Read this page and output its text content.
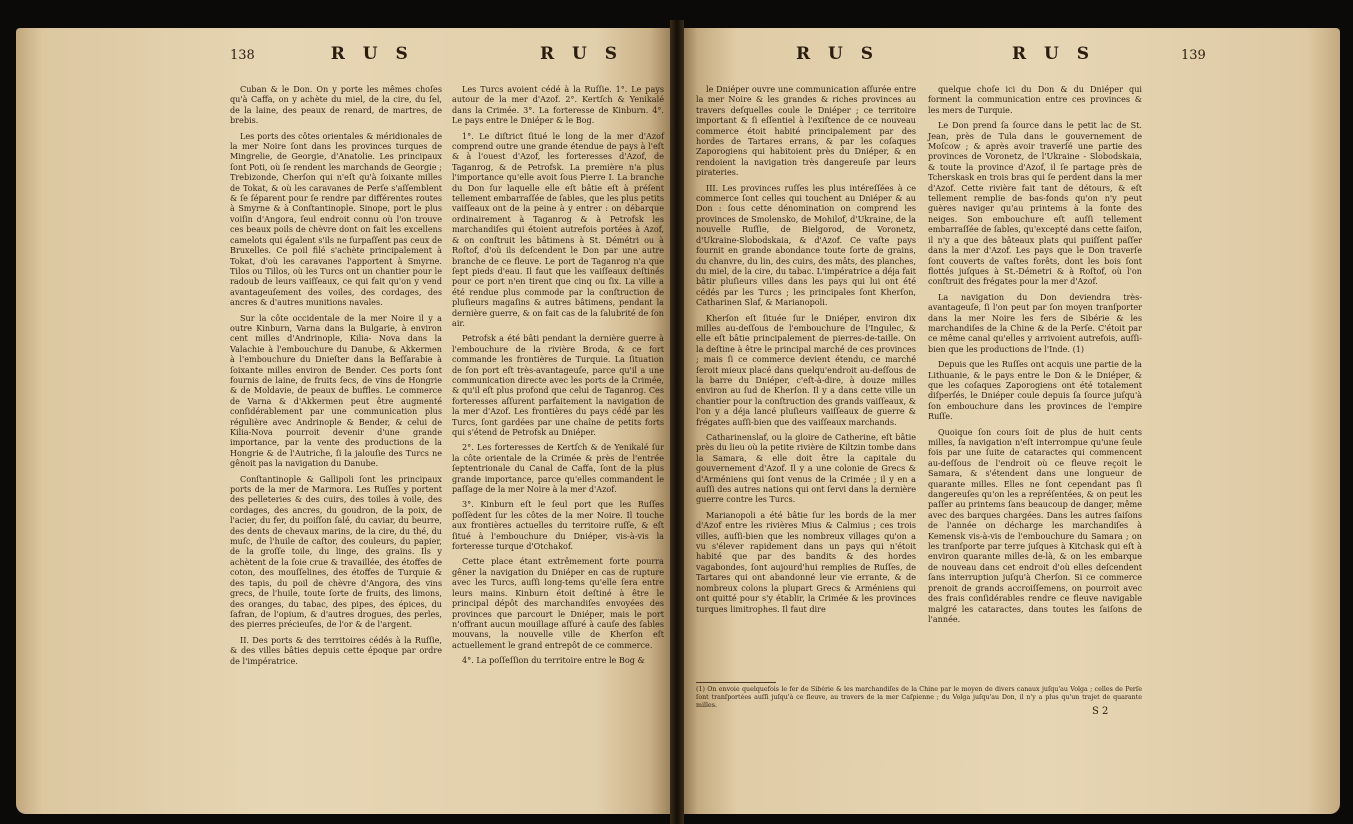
138	R U S	R U S

Cuban & le Don. On y porte les mêmes choſes qu'à Caffa, on y achète du miel, de la cire, du ſel, de la laine, des peaux de renard, de martres, de brebis.

Les ports des côtes orientales & méridionales de la mer Noire ſont dans les provinces turques de Mingrelie, de Georgie, d'Anatolie. Les principaux ſont Poti, où ſe rendent les marchands de Georgie ; Trebizonde, Cherſon qui n'eſt qu'à ſoixante milles de Tokat, & où les caravanes de Perſe s'aſſemblent & ſe ſéparent pour ſe rendre par différentes routes à Smyrne & à Conſtantinople. Sinope, port le plus voiſin d'Angora, ſeul endroit connu où l'on trouve ces beaux poils de chèvre dont on fait les excellens camelots qui égalent s'ils ne ſurpaſſent pas ceux de Bruxelles. Ce poil filé s'achète principalement à Tokat, d'où les caravanes l'apportent à Smyrne. Tilos ou Tillos, où les Turcs ont un chantier pour le radoub de leurs vaiſſeaux, ce qui fait qu'on y vend avantageuſement des voiles, des cordages, des ancres & d'autres munitions navales.

Sur la côte occidentale de la mer Noire il y a outre Kinburn, Varna dans la Bulgarie, à environ cent milles d'Andrinople, Kilia- Nova dans la Valachie à l'embouchure du Danube, & Akkermen à l'embouchure du Dnieſter dans la Beſſarabie à ſoixante milles environ de Bender. Ces ports ſont fournis de laine, de fruits ſecs, de vins de Hongrie & de Moldavie, de peaux de buffles. Le commerce de Varna & d'Akkermen peut être augmenté conſidérablement par une communication plus régulière avec Andrinople & Bender, & celui de Kilia-Nova pourroit devenir d'une grande importance, par la vente des productions de la Hongrie & de l'Autriche, ſi la jalouſie des Turcs ne gênoit pas la navigation du Danube.

Conſtantinople & Gallipoli ſont les principaux ports de la mer de Marmora. Les Ruſſes y portent des pelleteries & des cuirs, des toiles à voile, des cordages, des ancres, du goudron, de la poix, de l'acier, du fer, du poiſſon ſalé, du caviar, du beurre, des dents de chevaux marins, de la cire, du thé, du muſc, de l'huile de caſtor, des couleurs, du papier, de la groſſe toile, du linge, des grains. Ils y achètent de la ſoie crue & travaillée, des étoffes de coton, des mouſſelines, des étoffes de Turquie & des tapis, du poil de chèvre d'Angora, des vins grecs, de l'huile, toute ſorte de fruits, des limons, des oranges, du tabac, des pipes, des épices, du ſafran, de l'opium, & d'autres drogues, des perles, des pierres précieuſes, de l'or & de l'argent.

II. Des ports & des territoires cédés à la Ruſſie, & des villes bâties depuis cette époque par ordre de l'impératrice.

Les Turcs avoient cédé à la Ruſſie. 1°. Le pays autour de la mer d'Azof. 2°. Kertſch & Yenikalé dans la Crimée. 3°. La forteresse de Kinburn. 4°. Le pays entre le Dniéper & le Bog.

1°. Le diſtrict ſitué le long de la mer d'Azof comprend outre une grande étendue de pays à l'eſt & à l'ouest d'Azof, les forteresses d'Azof, de Taganrog, & de Petrofsk. La première n'a plus l'importance qu'elle avoit ſous Pierre I. La branche du Don ſur laquelle elle eſt bâtie eſt à préſent tellement embarraſſée de ſables, que les plus petits vaiſſeaux ont de la peine à y entrer : on débarque ordinairement à Taganrog & à Petrofsk les marchandiſes qui étoient autrefois portées à Azof, & on conſtruit les bâtimens à St. Démétri ou à Roſtof, d'où ils deſcendent le Don par une autre branche de ce fleuve. Le port de Taganrog n'a que ſept pieds d'eau. Il faut que les vaiſſeaux deſtinés pour ce port n'en tirent que cinq ou ſix. La ville a été rendue plus commode par la conſtruction de pluſieurs magaſins & autres bâtimens, pendant la dernière guerre, & on fait cas de la ſalubrité de ſon air.

Petrofsk a été bâti pendant la dernière guerre à l'embouchure de la rivière Broda, & ce fort commande les frontières de Turquie. La ſituation de ſon port eſt très-avantageuſe, parce qu'il a une communication directe avec les ports de la Crimée, & qu'il eſt plus profond que celui de Taganrog. Ces forteresses aſſurent parfaitement la navigation de la mer d'Azof. Les frontières du pays cédé par les Turcs, ſont gardées par une chaîne de petits forts qui s'étend de Petrofsk au Dniéper.

2°. Les forteresses de Kertſch & de Yenikalé ſur la côte orientale de la Crimée & près de l'entrée ſeptentrionale du Canal de Caffa, ſont de la plus grande importance, parce qu'elles commandent le paſſage de la mer Noire à la mer d'Azof.

3°. Kinburn eſt le ſeul port que les Ruſſes poſſèdent ſur les côtes de la mer Noire. Il touche aux frontières actuelles du territoire ruſſe, & eſt ſitué à l'embouchure du Dniéper, vis-à-vis la forteresse turque d'Otchakof.

Cette place étant extrêmement forte pourra gêner la navigation du Dniéper en cas de rupture avec les Turcs, auſſi long-tems qu'elle ſera entre leurs mains. Kinburn étoit deſtiné à être le principal dépôt des marchandiſes envoyées des provinces que parcourt le Dniéper, mais le port n'offrant aucun mouillage aſſuré à cauſe des ſables mouvans, la nouvelle ville de Kherſon eſt actuellement le grand entrepôt de ce commerce.

4°. La poſſeſſion du territoire entre le Bog &

R U S	R U S	139

le Dniéper ouvre une communication aſſurée entre la mer Noire & les grandes & riches provinces au travers deſquelles coule le Dniéper ; ce territoire important & ſi eſſentiel à l'exiſtence de ce nouveau commerce étoit habité principalement par des hordes de Tartares errans, & par les coſaques Zaporogiens qui habitoient près du Dniéper, & en rendoient la navigation très dangereuſe par leurs pirateries.

III. Les provinces ruſſes les plus intéreſſées à ce commerce ſont celles qui touchent au Dniéper & au Don : ſous cette dénomination on comprend les provinces de Smolensko, de Mohilof, d'Ukraine, de la nouvelle Ruſſie, de Bielgorod, de Voronetz, d'Ukraine-Slobodskaia, & d'Azof. Ce vaſte pays fournit en grande abondance toute ſorte de grains, du chanvre, du lin, des cuirs, des mâts, des planches, du miel, de la cire, du tabac. L'impératrice a déja fait bâtir pluſieurs villes dans les pays qui lui ont été cédés par les Turcs ; les principales ſont Kherſon, Catharinen Slaf, & Marianopoli.

Kherſon eſt ſituée ſur le Dniéper, environ dix milles au-deſſous de l'embouchure de l'Ingulec, & elle eſt bâtie principalement de pierres-de-taille. On la deſtine à être le principal marché de ces provinces ; mais ſi ce commerce devient étendu, ce marché ſeroit mieux placé dans quelqu'endroit au-deſſous de la barre du Dniéper, c'eſt-à-dire, à douze milles environ au ſud de Kherſon. Il y a dans cette ville un chantier pour la conſtruction des grands vaiſſeaux, & l'on y a déja lancé pluſieurs vaiſſeaux de guerre & frégates auſſi-bien que des vaiſſeaux marchands.

Catharinenslaf, ou la gloire de Catherine, eſt bâtie près du lieu où la petite rivière de Kiltzin tombe dans la Samara, & elle doit être la capitale du gouvernement d'Azof. Il y a une colonie de Grecs & d'Arméniens qui ſont venus de la Crimée ; il y en a auſſi des autres nations qui ont ſervi dans la dernière guerre contre les Turcs.

Marianopoli a été bâtie ſur les bords de la mer d'Azof entre les rivières Mius & Calmius ; ces trois villes, auſſi-bien que les nombreux villages qu'on a vu s'élever rapidement dans un pays qui n'étoit habité que par des bandits & des hordes vagabondes, ſont aujourd'hui remplies de Ruſſes, de Tartares qui ont abandonné leur vie errante, & de nombreux colons la plupart Grecs & Arméniens qui ont quitté pour s'y établir, la Crimée & les provinces turques limitrophes. Il faut dire

quelque choſe ici du Don & du Dniéper qui forment la communication entre ces provinces & les mers de Turquie.

Le Don prend ſa ſource dans le petit lac de St. Jean, près de Tula dans le gouvernement de Moſcow ; & après avoir traverſé une partie des provinces de Voronetz, de l'Ukraine - Slobodskaia, & toute la province d'Azof, il ſe partage près de Tcherskask en trois bras qui ſe perdent dans la mer d'Azof. Cette rivière fait tant de détours, & eſt tellement remplie de bas-fonds qu'on n'y peut guères naviger qu'au printems à la fonte des neiges. Son embouchure eſt auſſi tellement embarraſſée de ſables, qu'excepté dans cette ſaiſon, il n'y a que des bâteaux plats qui puiſſent paſſer dans la mer d'Azof. Les pays que le Don traverſe ſont couverts de vaſtes forêts, dont les bois ſont flottés juſques à St.-Démetri & à Roſtof, où l'on conſtruit des frégates pour la mer d'Azof.

La navigation du Don deviendra très-avantageuſe, ſi l'on peut par ſon moyen tranſporter dans la mer Noire les fers de Sibérie & les marchandiſes de la Chine & de la Perſe. C'étoit par ce même canal qu'elles y arrivoient autrefois, auſſi-bien que les productions de l'Inde. (1)

Depuis que les Ruſſes ont acquis une partie de la Lithuanie, & le pays entre le Don & le Dniéper, & que les coſaques Zaporogiens ont été totalement diſperſés, le Dniéper coule depuis ſa ſource juſqu'à ſon embouchure dans les provinces de l'empire Ruſſe.

Quoique ſon cours ſoit de plus de huit cents milles, ſa navigation n'eſt interrompue qu'une ſeule fois par une ſuite de cataractes qui commencent au-deſſous de l'endroit où ce fleuve reçoit le Samara, & s'étendent dans une longueur de quarante milles. Elles ne ſont cependant pas ſi dangereuſes qu'on les a repréſentées, & on peut les paſſer au printems ſans beaucoup de danger, même avec des barques chargées. Dans les autres ſaiſons de l'année on décharge les marchandiſes à Kemensk vis-à-vis de l'embouchure du Samara ; on les tranſporte par terre juſques à Kitchask qui eſt à environ quarante milles de-là, & on les embarque de nouveau dans cet endroit d'où elles deſcendent ſans interruption juſqu'à Cherſon. Si ce commerce prenoit de grands accroiſſemens, on pourroit avec des frais conſidérables rendre ce fleuve navigable malgré les cataractes, dans toutes les ſaiſons de l'année.

(1) On envoie quelquefois le fer de Sibérie & les marchandiſes de la Chine par le moyen de divers canaux juſqu'au Volga ; celles de Perſe ſont tranſportées auſſi juſqu'à ce fleuve, au travers de la mer Caſpienne ; du Volga juſqu'au Don, il n'y a plus qu'un trajet de quarante milles.
S 2
